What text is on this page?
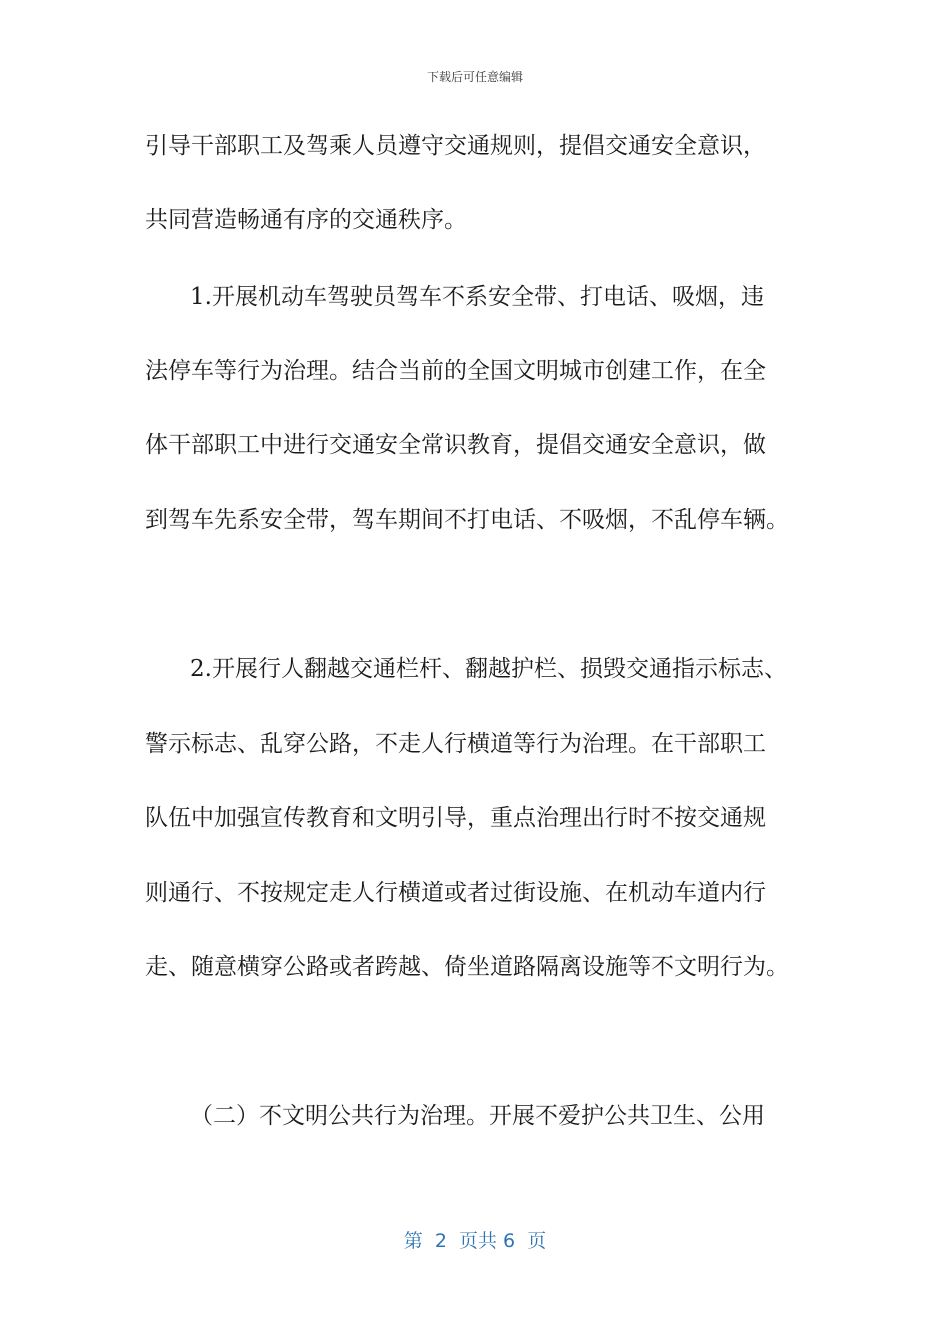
下载后可任意编辑
引导干部职工及驾乘人员遵守交通规则，提倡交通安全意识，
共同营造畅通有序的交通秩序。
1.开展机动车驾驶员驾车不系安全带、打电话、吸烟，违
法停车等行为治理。结合当前的全国文明城市创建工作，在全
体干部职工中进行交通安全常识教育，提倡交通安全意识，做
到驾车先系安全带，驾车期间不打电话、不吸烟，不乱停车辆。
2.开展行人翻越交通栏杆、翻越护栏、损毁交通指示标志、
警示标志、乱穿公路，不走人行横道等行为治理。在干部职工
队伍中加强宣传教育和文明引导，重点治理出行时不按交通规
则通行、不按规定走人行横道或者过街设施、在机动车道内行
走、随意横穿公路或者跨越、倚坐道路隔离设施等不文明行为。
（二）不文明公共行为治理。开展不爱护公共卫生、公用
第  2  页共 6  页
